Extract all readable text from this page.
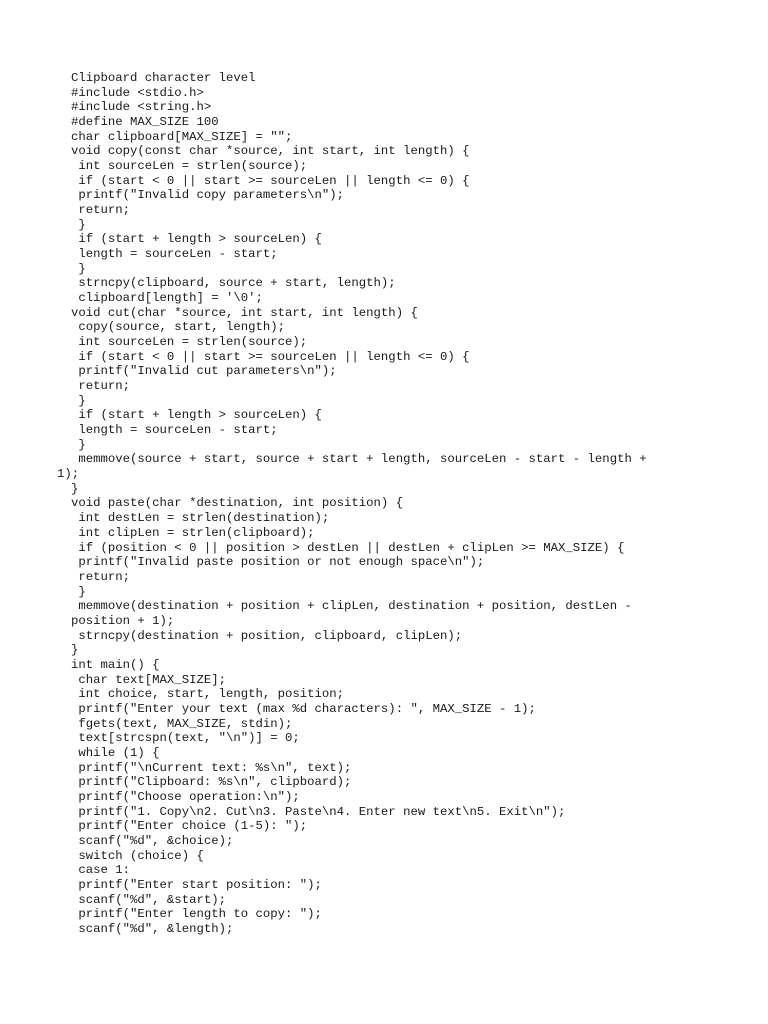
Clipboard character level
#include <stdio.h>
#include <string.h>
#define MAX_SIZE 100
char clipboard[MAX_SIZE] = "";
void copy(const char *source, int start, int length) {
int sourceLen = strlen(source);
if (start < 0 || start >= sourceLen || length <= 0) {
printf("Invalid copy parameters\n");
return;
}
if (start + length > sourceLen) {
length = sourceLen - start;
}
strncpy(clipboard, source + start, length);
clipboard[length] = '\0';
void cut(char *source, int start, int length) {
copy(source, start, length);
int sourceLen = strlen(source);
if (start < 0 || start >= sourceLen || length <= 0) {
printf("Invalid cut parameters\n");
return;
}
if (start + length > sourceLen) {
length = sourceLen - start;
}
memmove(source + start, source + start + length, sourceLen - start - length +
1);
}
void paste(char *destination, int position) {
int destLen = strlen(destination);
int clipLen = strlen(clipboard);
if (position < 0 || position > destLen || destLen + clipLen >= MAX_SIZE) {
printf("Invalid paste position or not enough space\n");
return;
}
memmove(destination + position + clipLen, destination + position, destLen -
position + 1);
strncpy(destination + position, clipboard, clipLen);
}
int main() {
char text[MAX_SIZE];
int choice, start, length, position;
printf("Enter your text (max %d characters): ", MAX_SIZE - 1);
fgets(text, MAX_SIZE, stdin);
text[strcspn(text, "\n")] = 0;
while (1) {
printf("\nCurrent text: %s\n", text);
printf("Clipboard: %s\n", clipboard);
printf("Choose operation:\n");
printf("1. Copy\n2. Cut\n3. Paste\n4. Enter new text\n5. Exit\n");
printf("Enter choice (1-5): ");
scanf("%d", &choice);
switch (choice) {
case 1:
printf("Enter start position: ");
scanf("%d", &start);
printf("Enter length to copy: ");
scanf("%d", &length);
